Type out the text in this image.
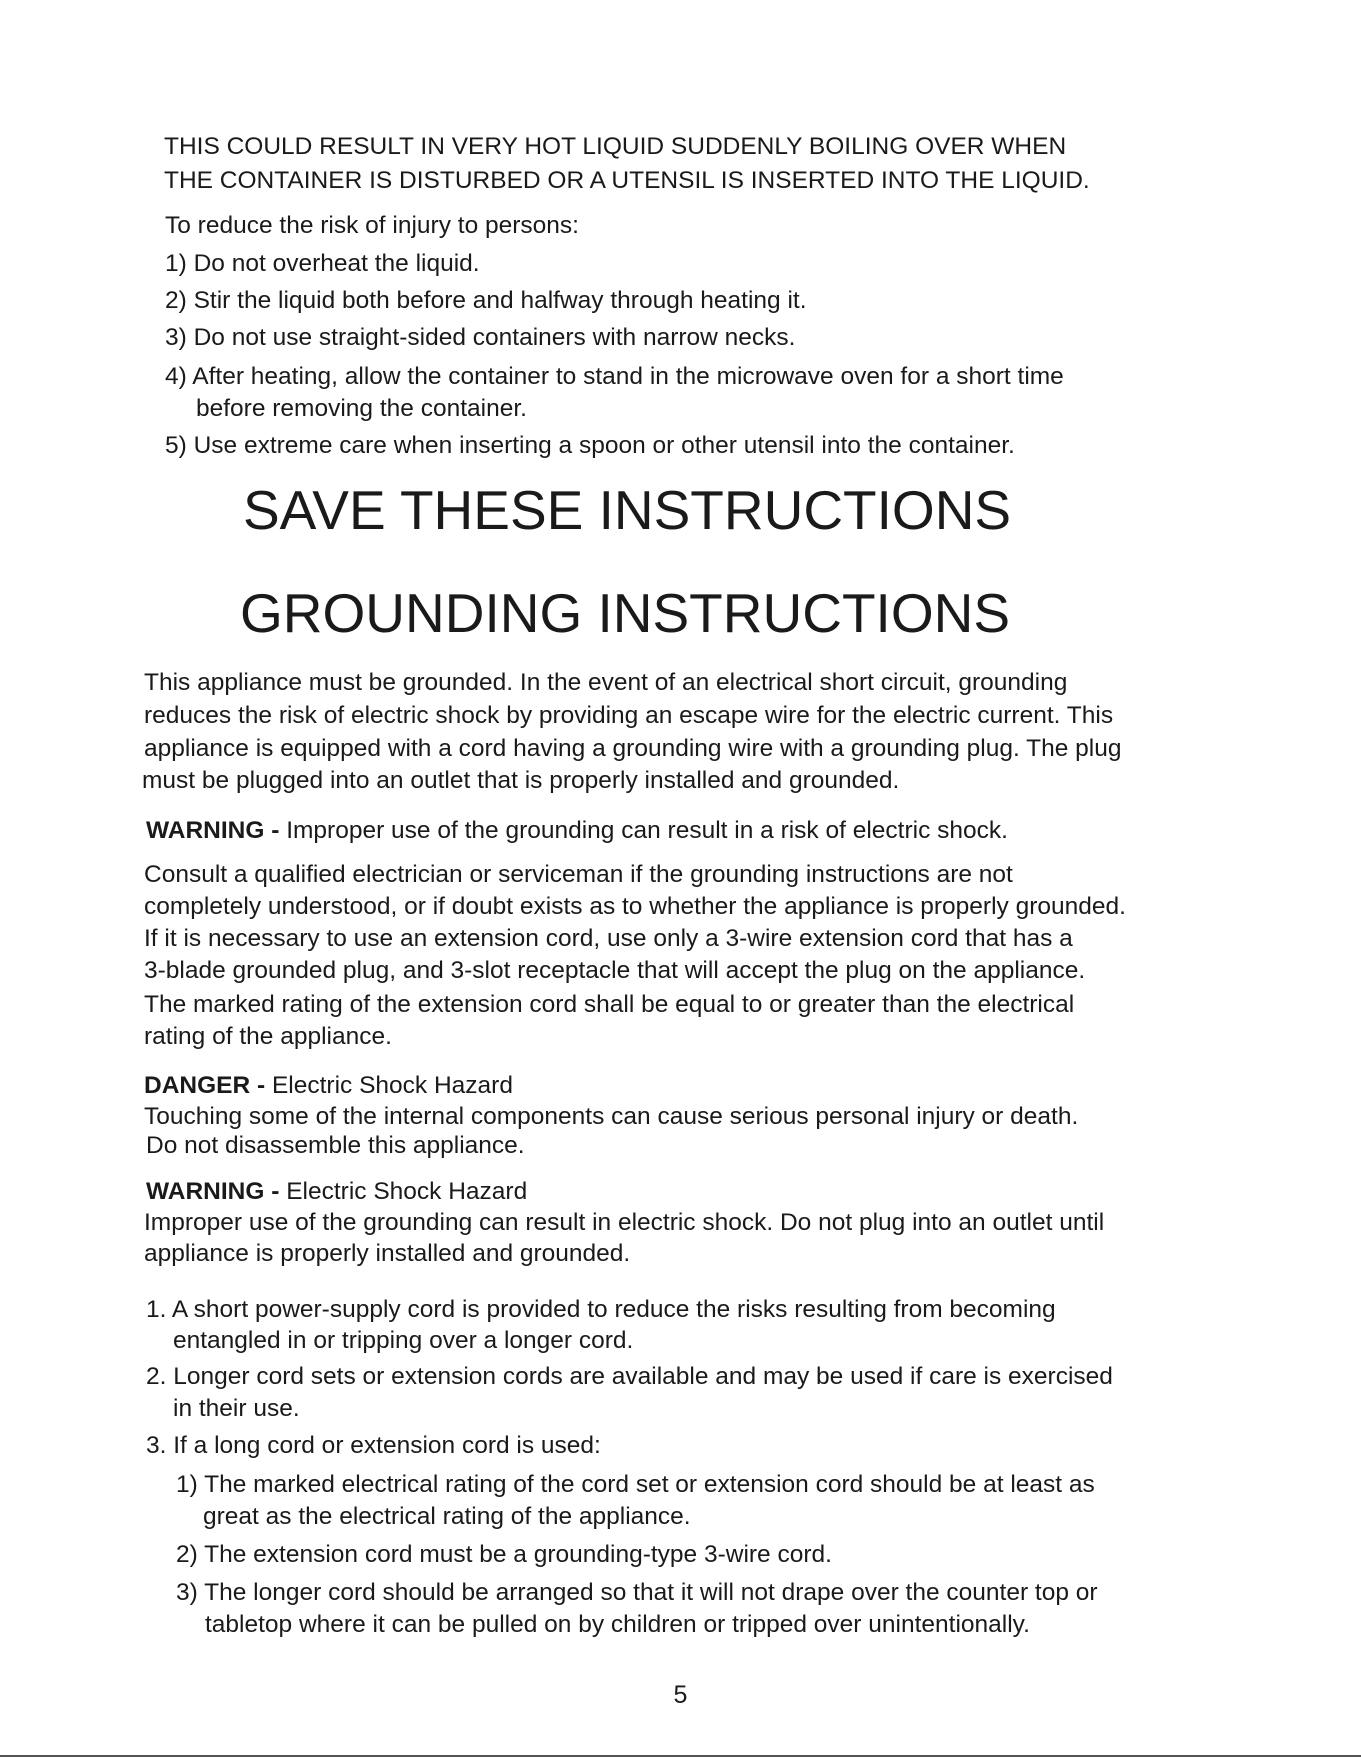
THIS COULD RESULT IN VERY HOT LIQUID SUDDENLY BOILING OVER WHEN
THE CONTAINER IS DISTURBED OR A UTENSIL IS INSERTED INTO THE LIQUID.
To reduce the risk of injury to persons:
1) Do not overheat the liquid.
2) Stir the liquid both before and halfway through heating it.
3) Do not use straight-sided containers with narrow necks.
4) After heating, allow the container to stand in the microwave oven for a short time
before removing the container.
5) Use extreme care when inserting a spoon or other utensil into the container.
SAVE THESE INSTRUCTIONS
GROUNDING INSTRUCTIONS
This appliance must be grounded. In the event of an electrical short circuit, grounding
reduces the risk of electric shock by providing an escape wire for the electric current. This
appliance is equipped with a cord having a grounding wire with a grounding plug. The plug
must be plugged into an outlet that is properly installed and grounded.
WARNING - Improper use of the grounding can result in a risk of electric shock.
Consult a qualified electrician or serviceman if the grounding instructions are not
completely understood, or if doubt exists as to whether the appliance is properly grounded.
If it is necessary to use an extension cord, use only a 3-wire extension cord that has a
3-blade grounded plug, and 3-slot receptacle that will accept the plug on the appliance.
The marked rating of the extension cord shall be equal to or greater than the electrical
rating of the appliance.
DANGER - Electric Shock Hazard
Touching some of the internal components can cause serious personal injury or death.
Do not disassemble this appliance.
WARNING - Electric Shock Hazard
Improper use of the grounding can result in electric shock. Do not plug into an outlet until
appliance is properly installed and grounded.
1. A short power-supply cord is provided to reduce the risks resulting from becoming
entangled in or tripping over a longer cord.
2. Longer cord sets or extension cords are available and may be used if care is exercised
in their use.
3. If a long cord or extension cord is used:
1) The marked electrical rating of the cord set or extension cord should be at least as
great as the electrical rating of the appliance.
2) The extension cord must be a grounding-type 3-wire cord.
3) The longer cord should be arranged so that it will not drape over the counter top or
tabletop where it can be pulled on by children or tripped over unintentionally.
5
